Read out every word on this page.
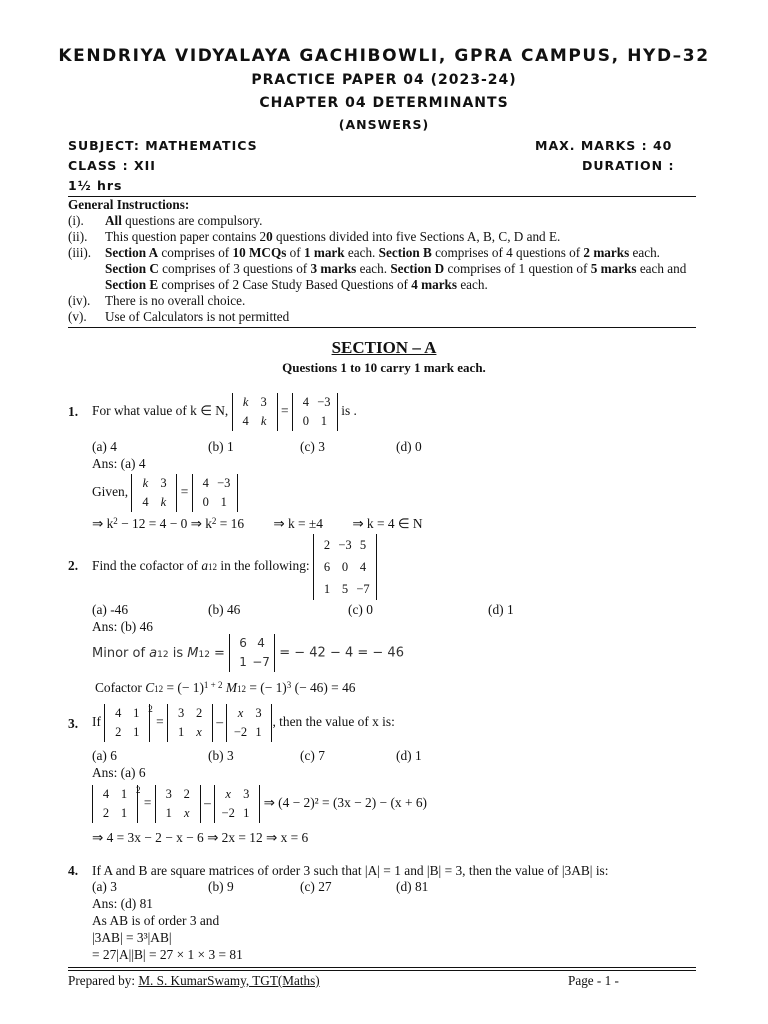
KENDRIYA VIDYALAYA GACHIBOWLI, GPRA CAMPUS, HYD–32
PRACTICE PAPER 04 (2023-24)
CHAPTER 04 DETERMINANTS
(ANSWERS)
SUBJECT: MATHEMATICS	MAX. MARKS : 40
CLASS : XII	DURATION :
1½ hrs
General Instructions:
(i).	All questions are compulsory.
(ii).	This question paper contains 20 questions divided into five Sections A, B, C, D and E.
(iii).	Section A comprises of 10 MCQs of 1 mark each. Section B comprises of 4 questions of 2 marks each. Section C comprises of 3 questions of 3 marks each. Section D comprises of 1 question of 5 marks each and Section E comprises of 2 Case Study Based Questions of 4 marks each.
(iv).	There is no overall choice.
(v).	Use of Calculators is not permitted
SECTION – A
Questions 1 to 10 carry 1 mark each.
1. For what value of k ∈ N,
k 3
4 k
=
4 −3
0 1
is .
(a) 4	(b) 1	(c) 3	(d) 0
Ans: (a) 4
Given,
k 3
4 k
=
4 −3
0 1
⇒ $k^2 - 12 = 4 - 0$ ⇒ $k^2 = 16$ ⇒ k = ±4 ⇒ k = 4 ∈ N
2. Find the cofactor of a12 in the following:
2 −3 5
6 0 4
1 5 −7
(a) -46	(b) 46	(c) 0	(d) 1
Ans: (b) 46
Minor of a12 is M12 =
6 4
1 −7
= − 42 − 4 = − 46
Cofactor C12 = (− 1)$^{1 + 2}$ M12 = (− 1)$^3$ (− 46) = 46
3. If
4 1
2 1
$^2$ =
3 2
1 x
–
x 3
−2 1
, then the value of x is:
(a) 6	(b) 3	(c) 7	(d) 1
Ans: (a) 6
4 1
2 1
$^2$ =
3 2
1 x
–
x 3
−2 1
⇒ (4 − 2)² = (3x − 2) − (x + 6)
⇒ 4 = 3x − 2 − x − 6 ⇒ 2x = 12 ⇒ x = 6
4. If A and B are square matrices of order 3 such that |A| = 1 and |B| = 3, then the value of |3AB| is:
(a) 3	(b) 9	(c) 27	(d) 81
Ans: (d) 81
As AB is of order 3 and
|3AB| = 3³|AB|
= 27|A||B| = 27 × 1 × 3 = 81
Prepared by: M. S. KumarSwamy, TGT(Maths)	Page - 1 -
